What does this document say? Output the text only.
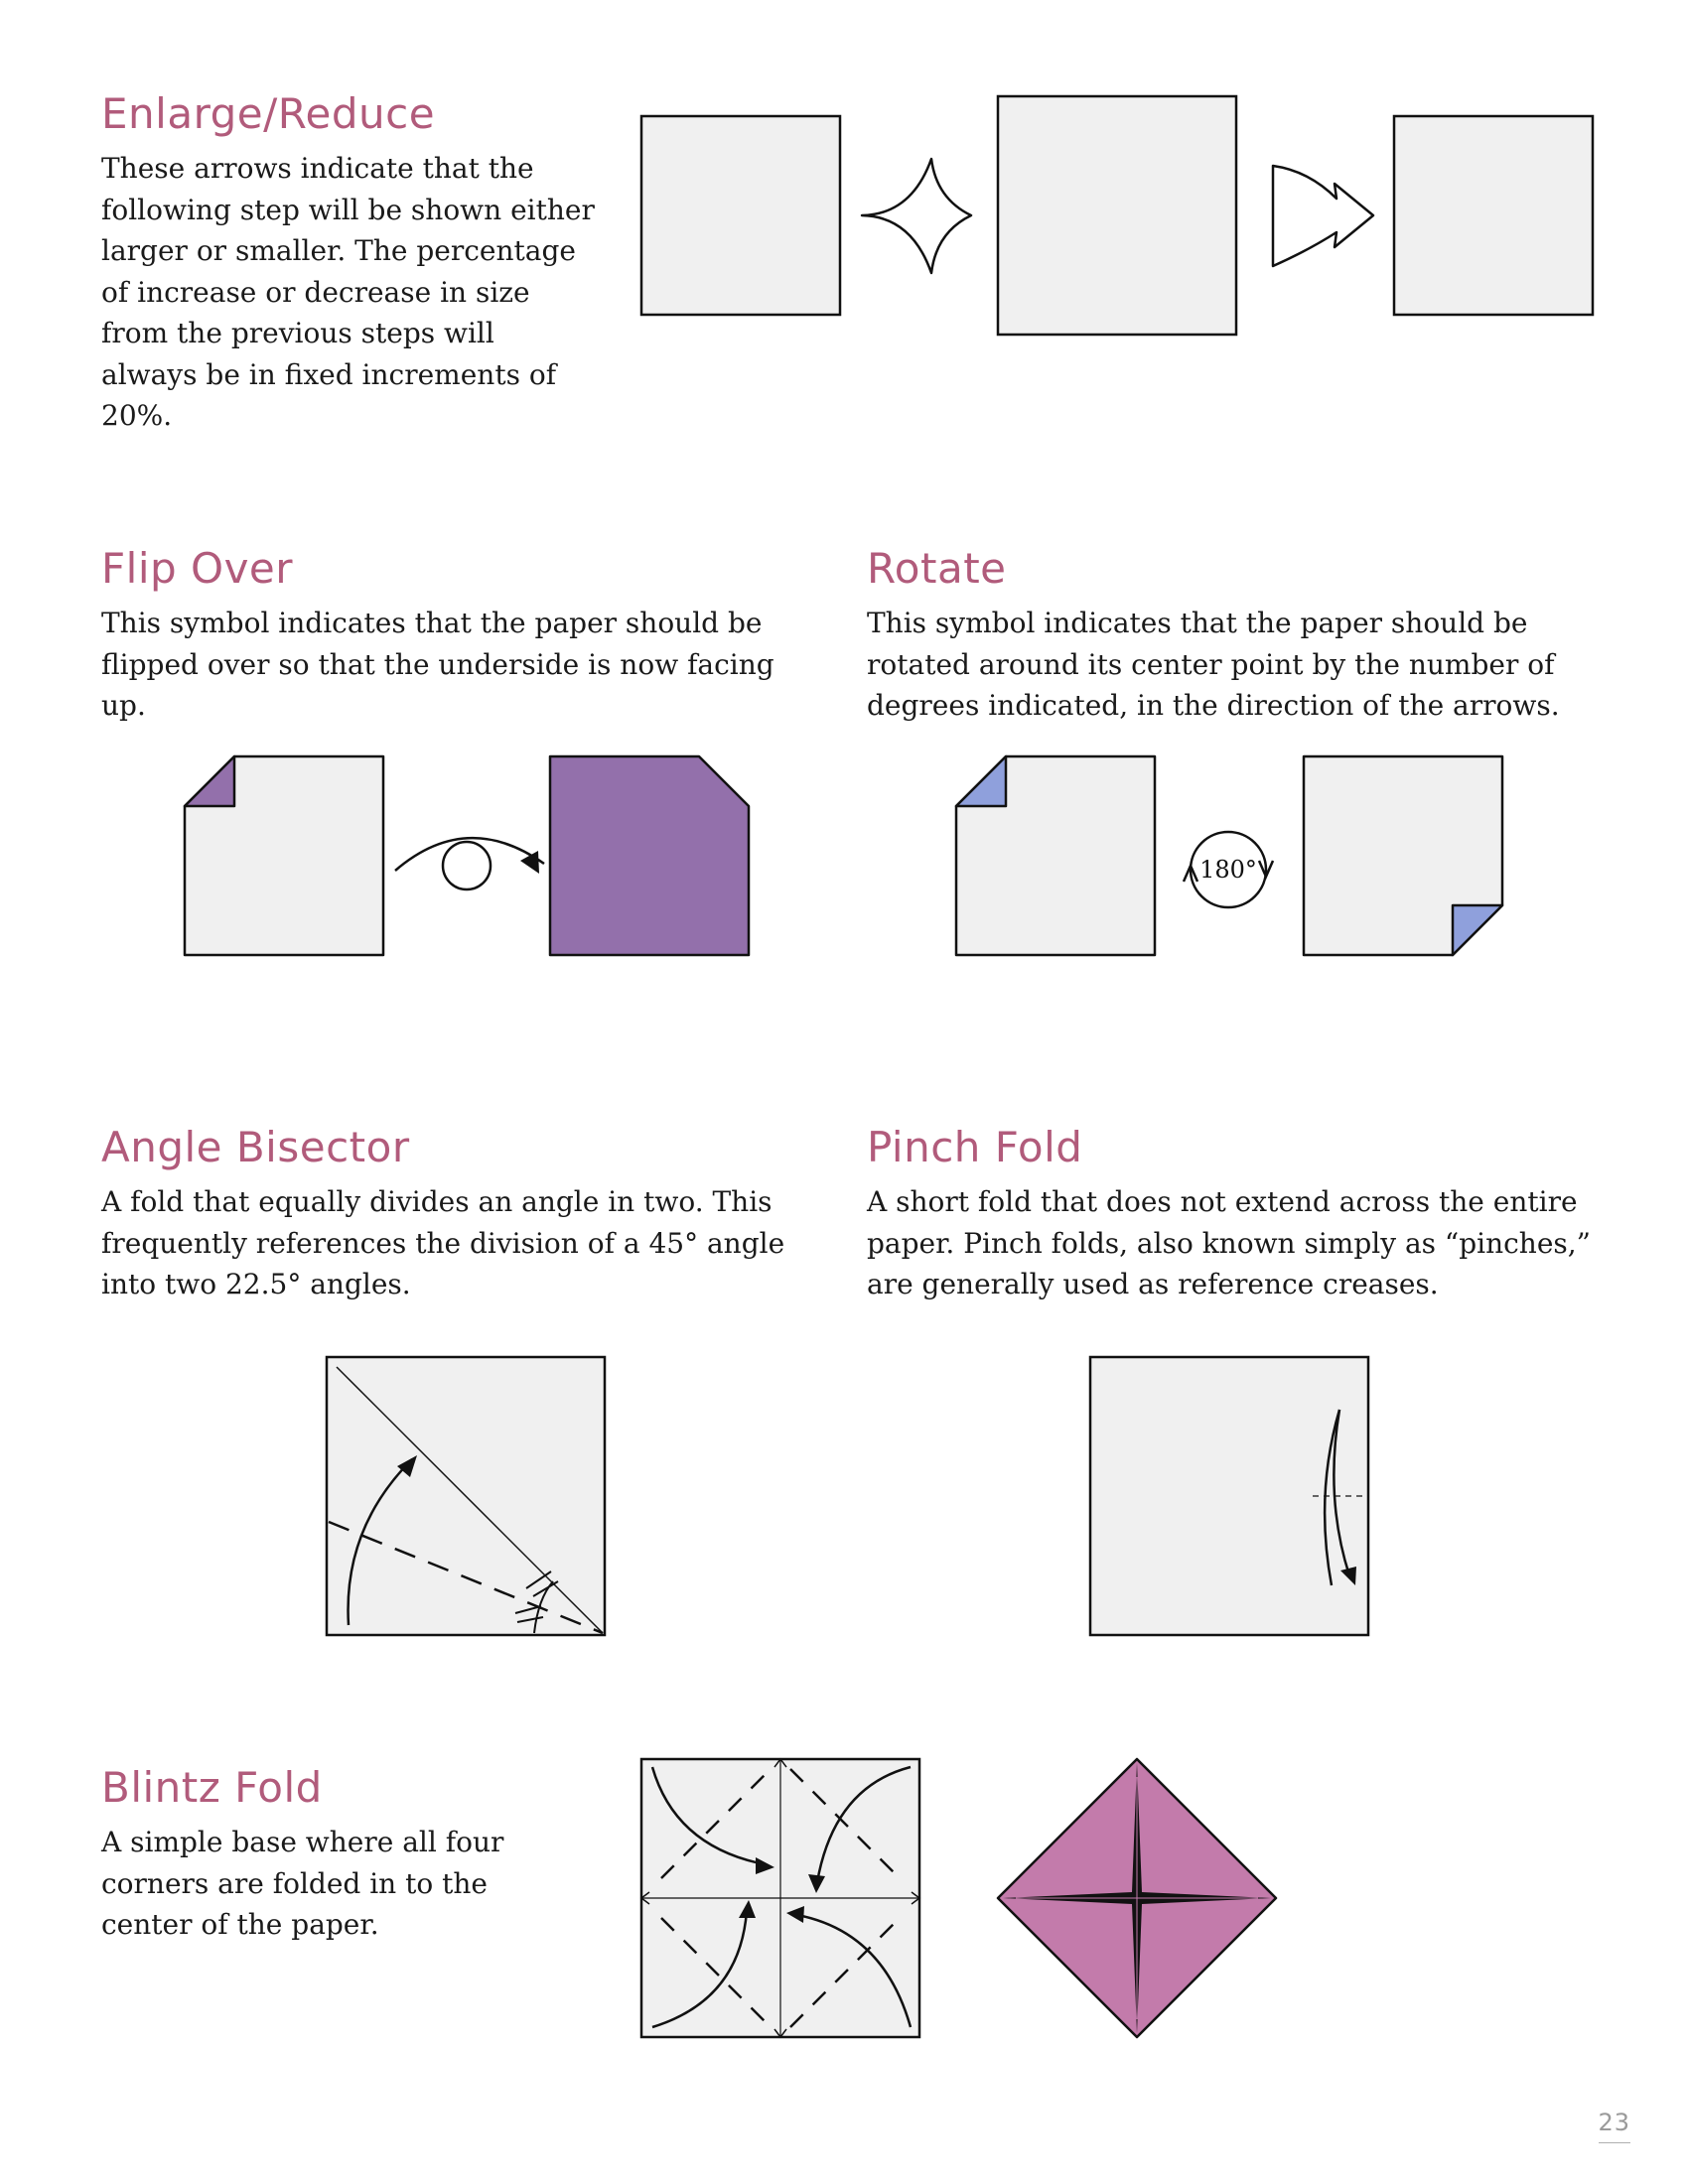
Enlarge/Reduce

These arrows indicate that the following step will be shown either larger or smaller. The percentage of increase or decrease in size from the previous steps will always be in fixed increments of 20%.

Flip Over

This symbol indicates that the paper should be flipped over so that the underside is now facing up.

Rotate

This symbol indicates that the paper should be rotated around its center point by the number of degrees indicated, in the direction of the arrows.

180°
Angle Bisector

A fold that equally divides an angle in two. This frequently references the division of a 45° angle into two 22.5° angles.

Pinch Fold

A short fold that does not extend across the entire paper. Pinch folds, also known simply as “pinches,” are generally used as reference creases.

Blintz Fold

A simple base where all four corners are folded in to the center of the paper.

23
